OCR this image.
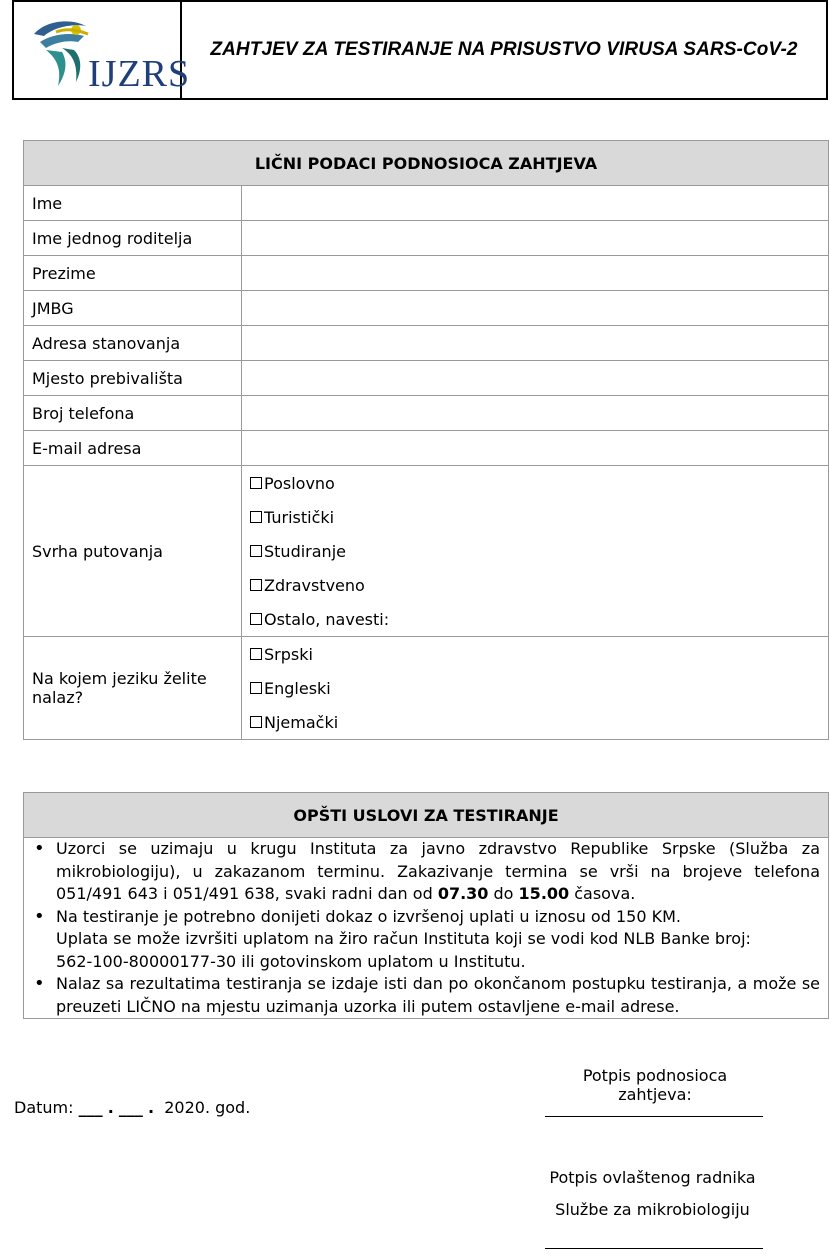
IJZRS
ZAHTJEV ZA TESTIRANJE NA PRISUSTVO VIRUSA SARS-CoV-2
LIČNI PODACI PODNOSIOCA ZAHTJEVA	
Ime	
Ime jednog roditelja	
Prezime	
JMBG	
Adresa stanovanja	
Mjesto prebivališta	
Broj telefona	
E-mail adresa	
Svrha putovanja	Poslovno
Turistički
Studiranje
Zdravstveno
Ostalo, navesti:

Na kojem jeziku želite nalaz?	Srpski
Engleski
Njemački
OPŠTI USLOVI ZA TESTIRANJE

• Uzorci se uzimaju u krugu Instituta za javno zdravstvo Republike Srpske (Služba za mikrobiologiju), u zakazanom terminu. Zakazivanje termina se vrši na brojeve telefona 051/491 643 i 051/491 638, svaki radni dan od 07.30 do 15.00 časova.
• Na testiranje je potrebno donijeti dokaz o izvršenoj uplati u iznosu od 150 KM.
Uplata se može izvršiti uplatom na žiro račun Instituta koji se vodi kod NLB Banke broj:
562-100-80000177-30 ili gotovinskom uplatom u Institutu.
• Nalaz sa rezultatima testiranja se izdaje isti dan po okončanom postupku testiranja, a može se preuzeti LIČNO na mjestu uzimanja uzorka ili putem ostavljene e-mail adrese.
Datum: ___ . ___ . 2020. god.
Potpis podnosioca zahtjeva:
Potpis ovlaštenog radnika
Službe za mikrobiologiju
